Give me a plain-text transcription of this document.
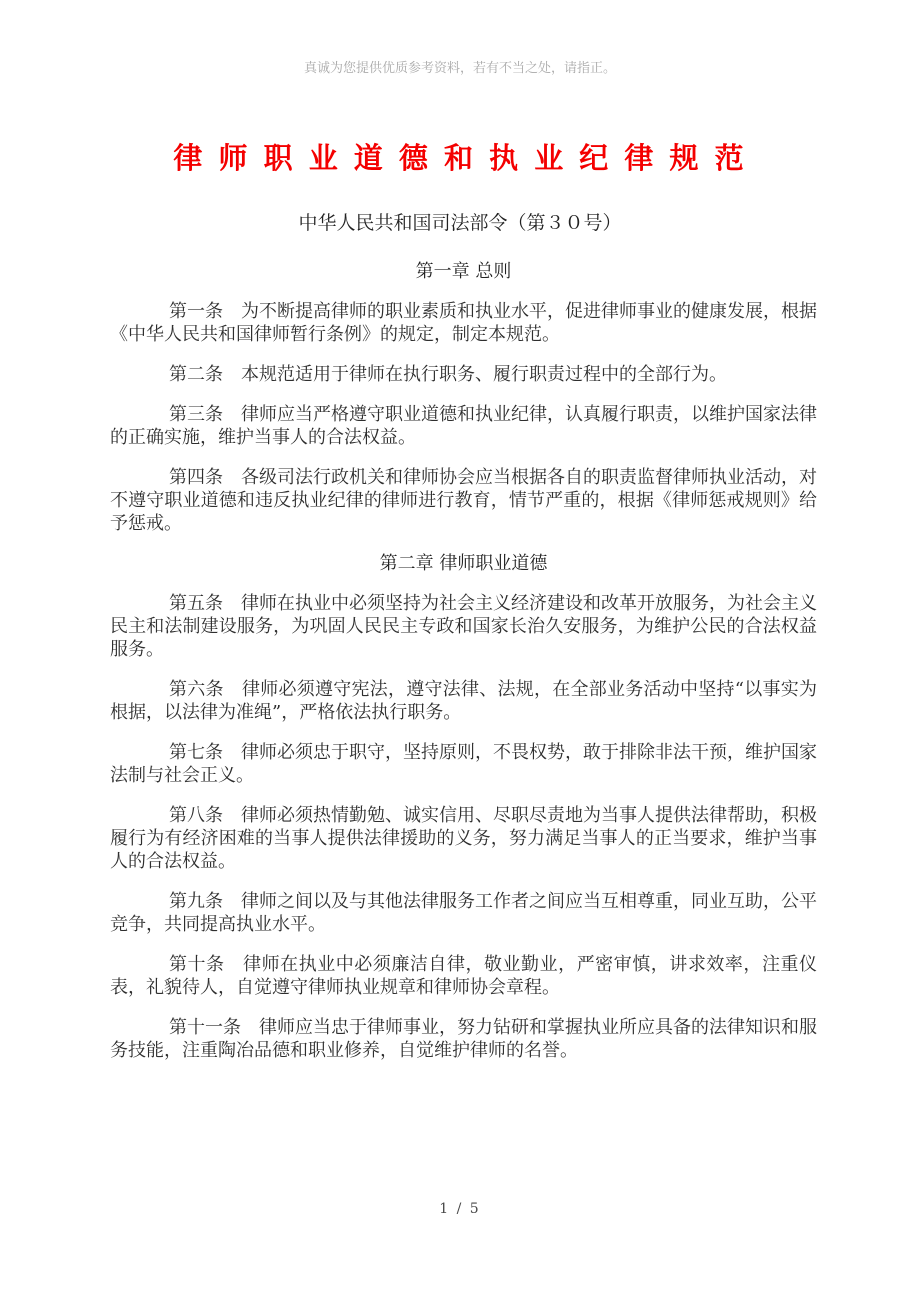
真诚为您提供优质参考资料，若有不当之处，请指正。
律 师 职 业 道 德 和 执 业 纪 律 规 范
中华人民共和国司法部令（第３０号）
第一章 总则

第一条　为不断提高律师的职业素质和执业水平，促进律师事业的健康发展，根据《中华人民共和国律师暂行条例》的规定，制定本规范。

第二条　本规范适用于律师在执行职务、履行职责过程中的全部行为。

第三条　律师应当严格遵守职业道德和执业纪律，认真履行职责，以维护国家法律的正确实施，维护当事人的合法权益。

第四条　各级司法行政机关和律师协会应当根据各自的职责监督律师执业活动，对不遵守职业道德和违反执业纪律的律师进行教育，情节严重的，根据《律师惩戒规则》给予惩戒。

第二章 律师职业道德

第五条　律师在执业中必须坚持为社会主义经济建设和改革开放服务，为社会主义民主和法制建设服务，为巩固人民民主专政和国家长治久安服务，为维护公民的合法权益服务。

第六条　律师必须遵守宪法，遵守法律、法规，在全部业务活动中坚持“以事实为根据，以法律为准绳”，严格依法执行职务。

第七条　律师必须忠于职守，坚持原则，不畏权势，敢于排除非法干预，维护国家法制与社会正义。

第八条　律师必须热情勤勉、诚实信用、尽职尽责地为当事人提供法律帮助，积极履行为有经济困难的当事人提供法律援助的义务，努力满足当事人的正当要求，维护当事人的合法权益。

第九条　律师之间以及与其他法律服务工作者之间应当互相尊重，同业互助，公平竞争，共同提高执业水平。

第十条　律师在执业中必须廉洁自律，敬业勤业，严密审慎，讲求效率，注重仪表，礼貌待人，自觉遵守律师执业规章和律师协会章程。

第十一条　律师应当忠于律师事业，努力钻研和掌握执业所应具备的法律知识和服务技能，注重陶冶品德和职业修养，自觉维护律师的名誉。

1 / 5
